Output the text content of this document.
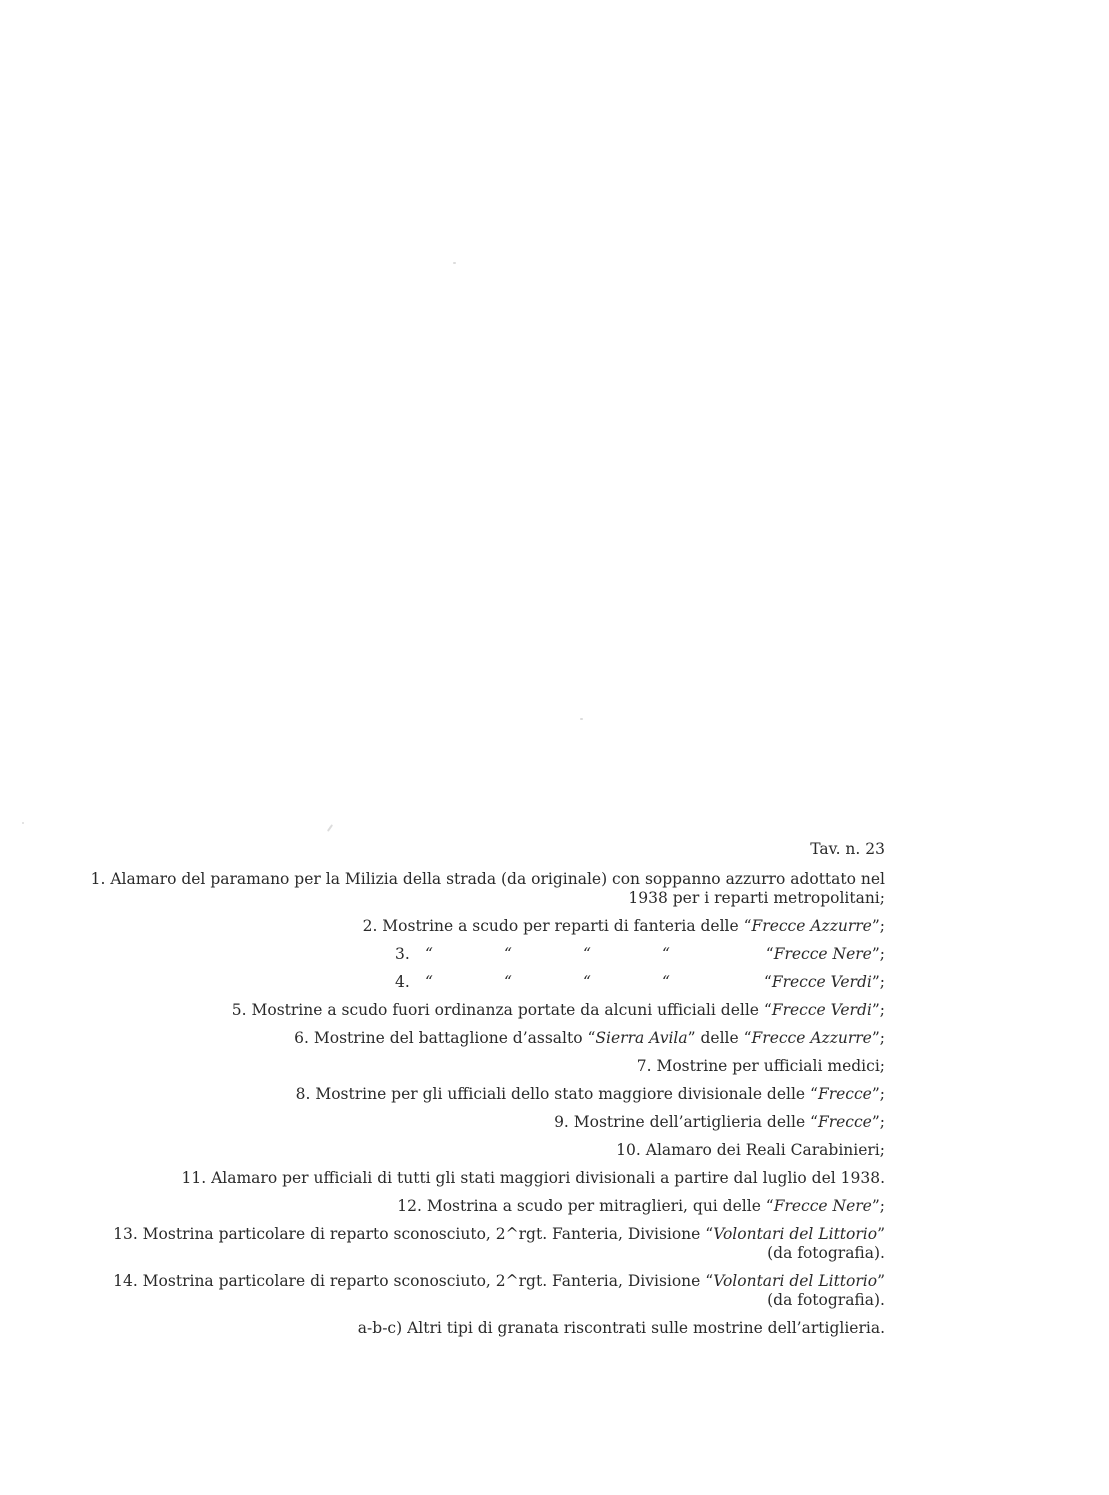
Tav. n. 23
1. Alamaro del paramano per la Milizia della strada (da originale) con soppanno azzurro adottato nel
1938 per i reparti metropolitani;
2. Mostrine a scudo per reparti di fanteria delle “Frecce Azzurre”;
3. “	“	“	“	“Frecce Nere”;
4. “	“	“	“	“Frecce Verdi”;
5. Mostrine a scudo fuori ordinanza portate da alcuni ufficiali delle “Frecce Verdi”;
6. Mostrine del battaglione d’assalto “Sierra Avila” delle “Frecce Azzurre”;
7. Mostrine per ufficiali medici;
8. Mostrine per gli ufficiali dello stato maggiore divisionale delle “Frecce”;
9. Mostrine dell’artiglieria delle “Frecce”;
10. Alamaro dei Reali Carabinieri;
11. Alamaro per ufficiali di tutti gli stati maggiori divisionali a partire dal luglio del 1938.
12. Mostrina a scudo per mitraglieri, qui delle “Frecce Nere”;
13. Mostrina particolare di reparto sconosciuto, 2^rgt. Fanteria, Divisione “Volontari del Littorio”
(da fotografia).
14. Mostrina particolare di reparto sconosciuto, 2^rgt. Fanteria, Divisione “Volontari del Littorio”
(da fotografia).
a-b-c) Altri tipi di granata riscontrati sulle mostrine dell’artiglieria.
